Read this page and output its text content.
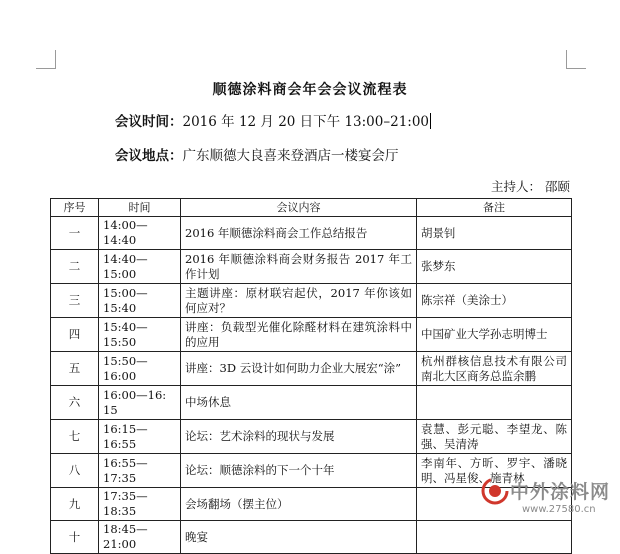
顺德涂料商会年会会议流程表
会议时间：2016 年 12 月 20 日下午 13:00–21:00
会议地点：广东顺德大良喜来登酒店一楼宴会厅
主持人： 邵颐
序号	时间	会议内容	备注
一	14:00—14:40	2016 年顺德涂料商会工作总结报告	胡景钊
二	14:40—15:00	2016 年顺德涂料商会财务报告 2017 年工作计划	张梦东
三	15:00—15:40	主题讲座：原材联宕起伏，2017 年你该如何应对？	陈宗祥（美涂士）
四	15:40—15:50	讲座：负载型光催化除醛材料在建筑涂料中的应用	中国矿业大学孙志明博士
五	15:50—16:00	讲座：3D 云设计如何助力企业大展宏“涂”	杭州群核信息技术有限公司南北大区商务总监余鹏
六	16:00—16: 15	中场休息	
七	16:15—16:55	论坛：艺术涂料的现状与发展	袁慧、彭元聪、李望龙、陈强、吴清涛
八	16:55—17:35	论坛：顺德涂料的下一个十年	李南年、方昕、罗宇、潘晓明、冯星俊、施青林
九	17:35—18:35	会场翻场（摆主位）	
十	18:45—21:00	晚宴	
中外涂料网
www.27580.cn
